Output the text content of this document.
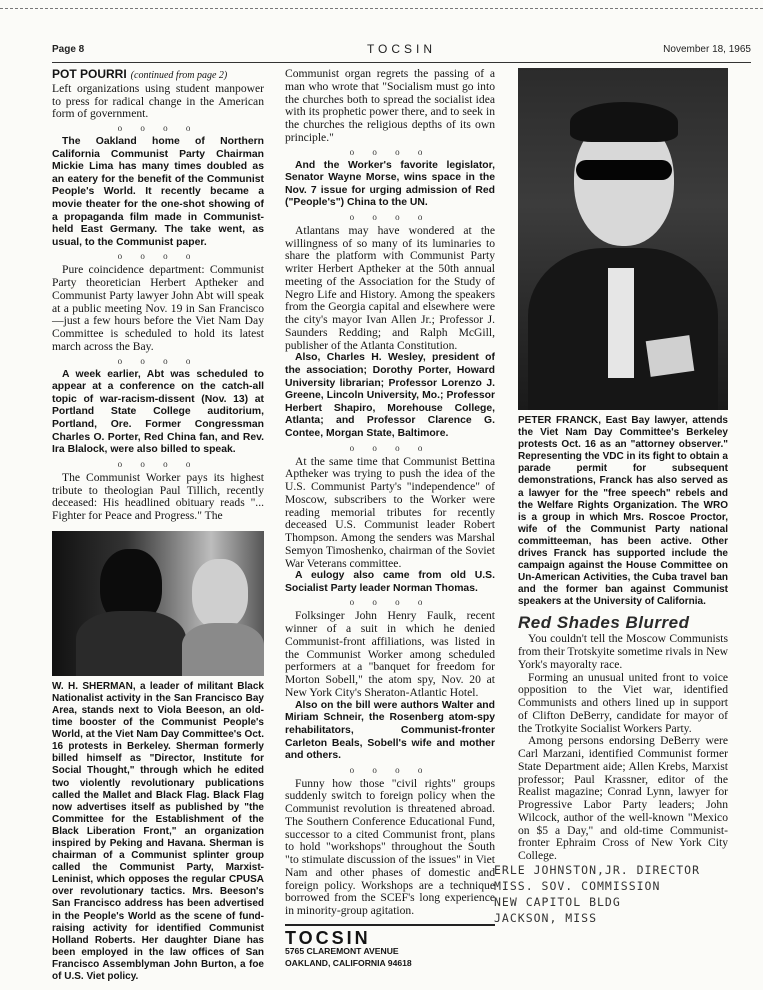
Page 8	TOCSIN	November 18, 1965

POT POURRI (continued from page 2)

Left organizations using student manpower to press for radical change in the American form of government.

o o o o

The Oakland home of Northern California Communist Party Chairman Mickie Lima has many times doubled as an eatery for the benefit of the Communist People's World. It recently became a movie theater for the one-shot showing of a propaganda film made in Communist-held East Germany. The take went, as usual, to the Communist paper.

o o o o

Pure coincidence department: Communist Party theoretician Herbert Aptheker and Communist Party lawyer John Abt will speak at a public meeting Nov. 19 in San Francisco—just a few hours before the Viet Nam Day Committee is scheduled to hold its latest march across the Bay.

o o o o

A week earlier, Abt was scheduled to appear at a conference on the catch-all topic of war-racism-dissent (Nov. 13) at Portland State College auditorium, Portland, Ore. Former Congressman Charles O. Porter, Red China fan, and Rev. Ira Blalock, were also billed to speak.

o o o o

The Communist Worker pays its highest tribute to theologian Paul Tillich, recently deceased: His headlined obituary reads "... Fighter for Peace and Progress." The

W. H. SHERMAN, a leader of militant Black Nationalist activity in the San Francisco Bay Area, stands next to Viola Beeson, an old-time booster of the Communist People's World, at the Viet Nam Day Committee's Oct. 16 protests in Berkeley. Sherman formerly billed himself as "Director, Institute for Social Thought," through which he edited two violently revolutionary publications called the Mallet and Black Flag. Black Flag now advertises itself as published by "the Committee for the Establishment of the Black Liberation Front," an organization inspired by Peking and Havana. Sherman is chairman of a Communist splinter group called the Communist Party, Marxist-Leninist, which opposes the regular CPUSA over revolutionary tactics. Mrs. Beeson's San Francisco address has been advertised in the People's World as the scene of fund-raising activity for identified Communist Holland Roberts. Her daughter Diane has been employed in the law offices of San Francisco Assemblyman John Burton, a foe of U.S. Viet policy.

Communist organ regrets the passing of a man who wrote that "Socialism must go into the churches both to spread the socialist idea with its prophetic power there, and to seek in the churches the religious depths of its own principle."

o o o o

And the Worker's favorite legislator, Senator Wayne Morse, wins space in the Nov. 7 issue for urging admission of Red ("People's") China to the UN.

o o o o

Atlantans may have wondered at the willingness of so many of its luminaries to share the platform with Communist Party writer Herbert Aptheker at the 50th annual meeting of the Association for the Study of Negro Life and History. Among the speakers from the Georgia capital and elsewhere were the city's mayor Ivan Allen Jr.; Professor J. Saunders Redding; and Ralph McGill, publisher of the Atlanta Constitution.

Also, Charles H. Wesley, president of the association; Dorothy Porter, Howard University librarian; Professor Lorenzo J. Greene, Lincoln University, Mo.; Professor Herbert Shapiro, Morehouse College, Atlanta; and Professor Clarence G. Contee, Morgan State, Baltimore.

o o o o

At the same time that Communist Bettina Aptheker was trying to push the idea of the U.S. Communist Party's "independence" of Moscow, subscribers to the Worker were reading memorial tributes for recently deceased U.S. Communist leader Robert Thompson. Among the senders was Marshal Semyon Timoshenko, chairman of the Soviet War Veterans committee.

A eulogy also came from old U.S. Socialist Party leader Norman Thomas.

o o o o

Folksinger John Henry Faulk, recent winner of a suit in which he denied Communist-front affiliations, was listed in the Communist Worker among scheduled performers at a "banquet for freedom for Morton Sobell," the atom spy, Nov. 20 at New York City's Sheraton-Atlantic Hotel.

Also on the bill were authors Walter and Miriam Schneir, the Rosenberg atom-spy rehabilitators, Communist-fronter Carleton Beals, Sobell's wife and mother and others.

o o o o

Funny how those "civil rights" groups suddenly switch to foreign policy when the Communist revolution is threatened abroad. The Southern Conference Educational Fund, successor to a cited Communist front, plans to hold "workshops" throughout the South "to stimulate discussion of the issues" in Viet Nam and other phases of domestic and foreign policy. Workshops are a technique borrowed from the SCEF's long experience in minority-group agitation.

TOCSIN
5765 CLAREMONT AVENUE
OAKLAND, CALIFORNIA 94618
PETER FRANCK, East Bay lawyer, attends the Viet Nam Day Committee's Berkeley protests Oct. 16 as an "attorney observer." Representing the VDC in its fight to obtain a parade permit for subsequent demonstrations, Franck has also served as a lawyer for the "free speech" rebels and the Welfare Rights Organization. The WRO is a group in which Mrs. Roscoe Proctor, wife of the Communist Party national committeeman, has been active. Other drives Franck has supported include the campaign against the House Committee on Un-American Activities, the Cuba travel ban and the former ban against Communist speakers at the University of California.
Red Shades Blurred

You couldn't tell the Moscow Communists from their Trotskyite sometime rivals in New York's mayoralty race.

Forming an unusual united front to voice opposition to the Viet war, identified Communists and others lined up in support of Clifton DeBerry, candidate for mayor of the Trotkyite Socialist Workers Party.

Among persons endorsing DeBerry were Carl Marzani, identified Communist former State Department aide; Allen Krebs, Marxist professor; Paul Krassner, editor of the Realist magazine; Conrad Lynn, lawyer for Progressive Labor Party leaders; John Wilcock, author of the well-known "Mexico on $5 a Day," and old-time Communist-fronter Ephraim Cross of New York City College.

ERLE JOHNSTON,JR. DIRECTOR
MISS. SOV. COMMISSION
NEW CAPITOL BLDG
JACKSON, MISS
